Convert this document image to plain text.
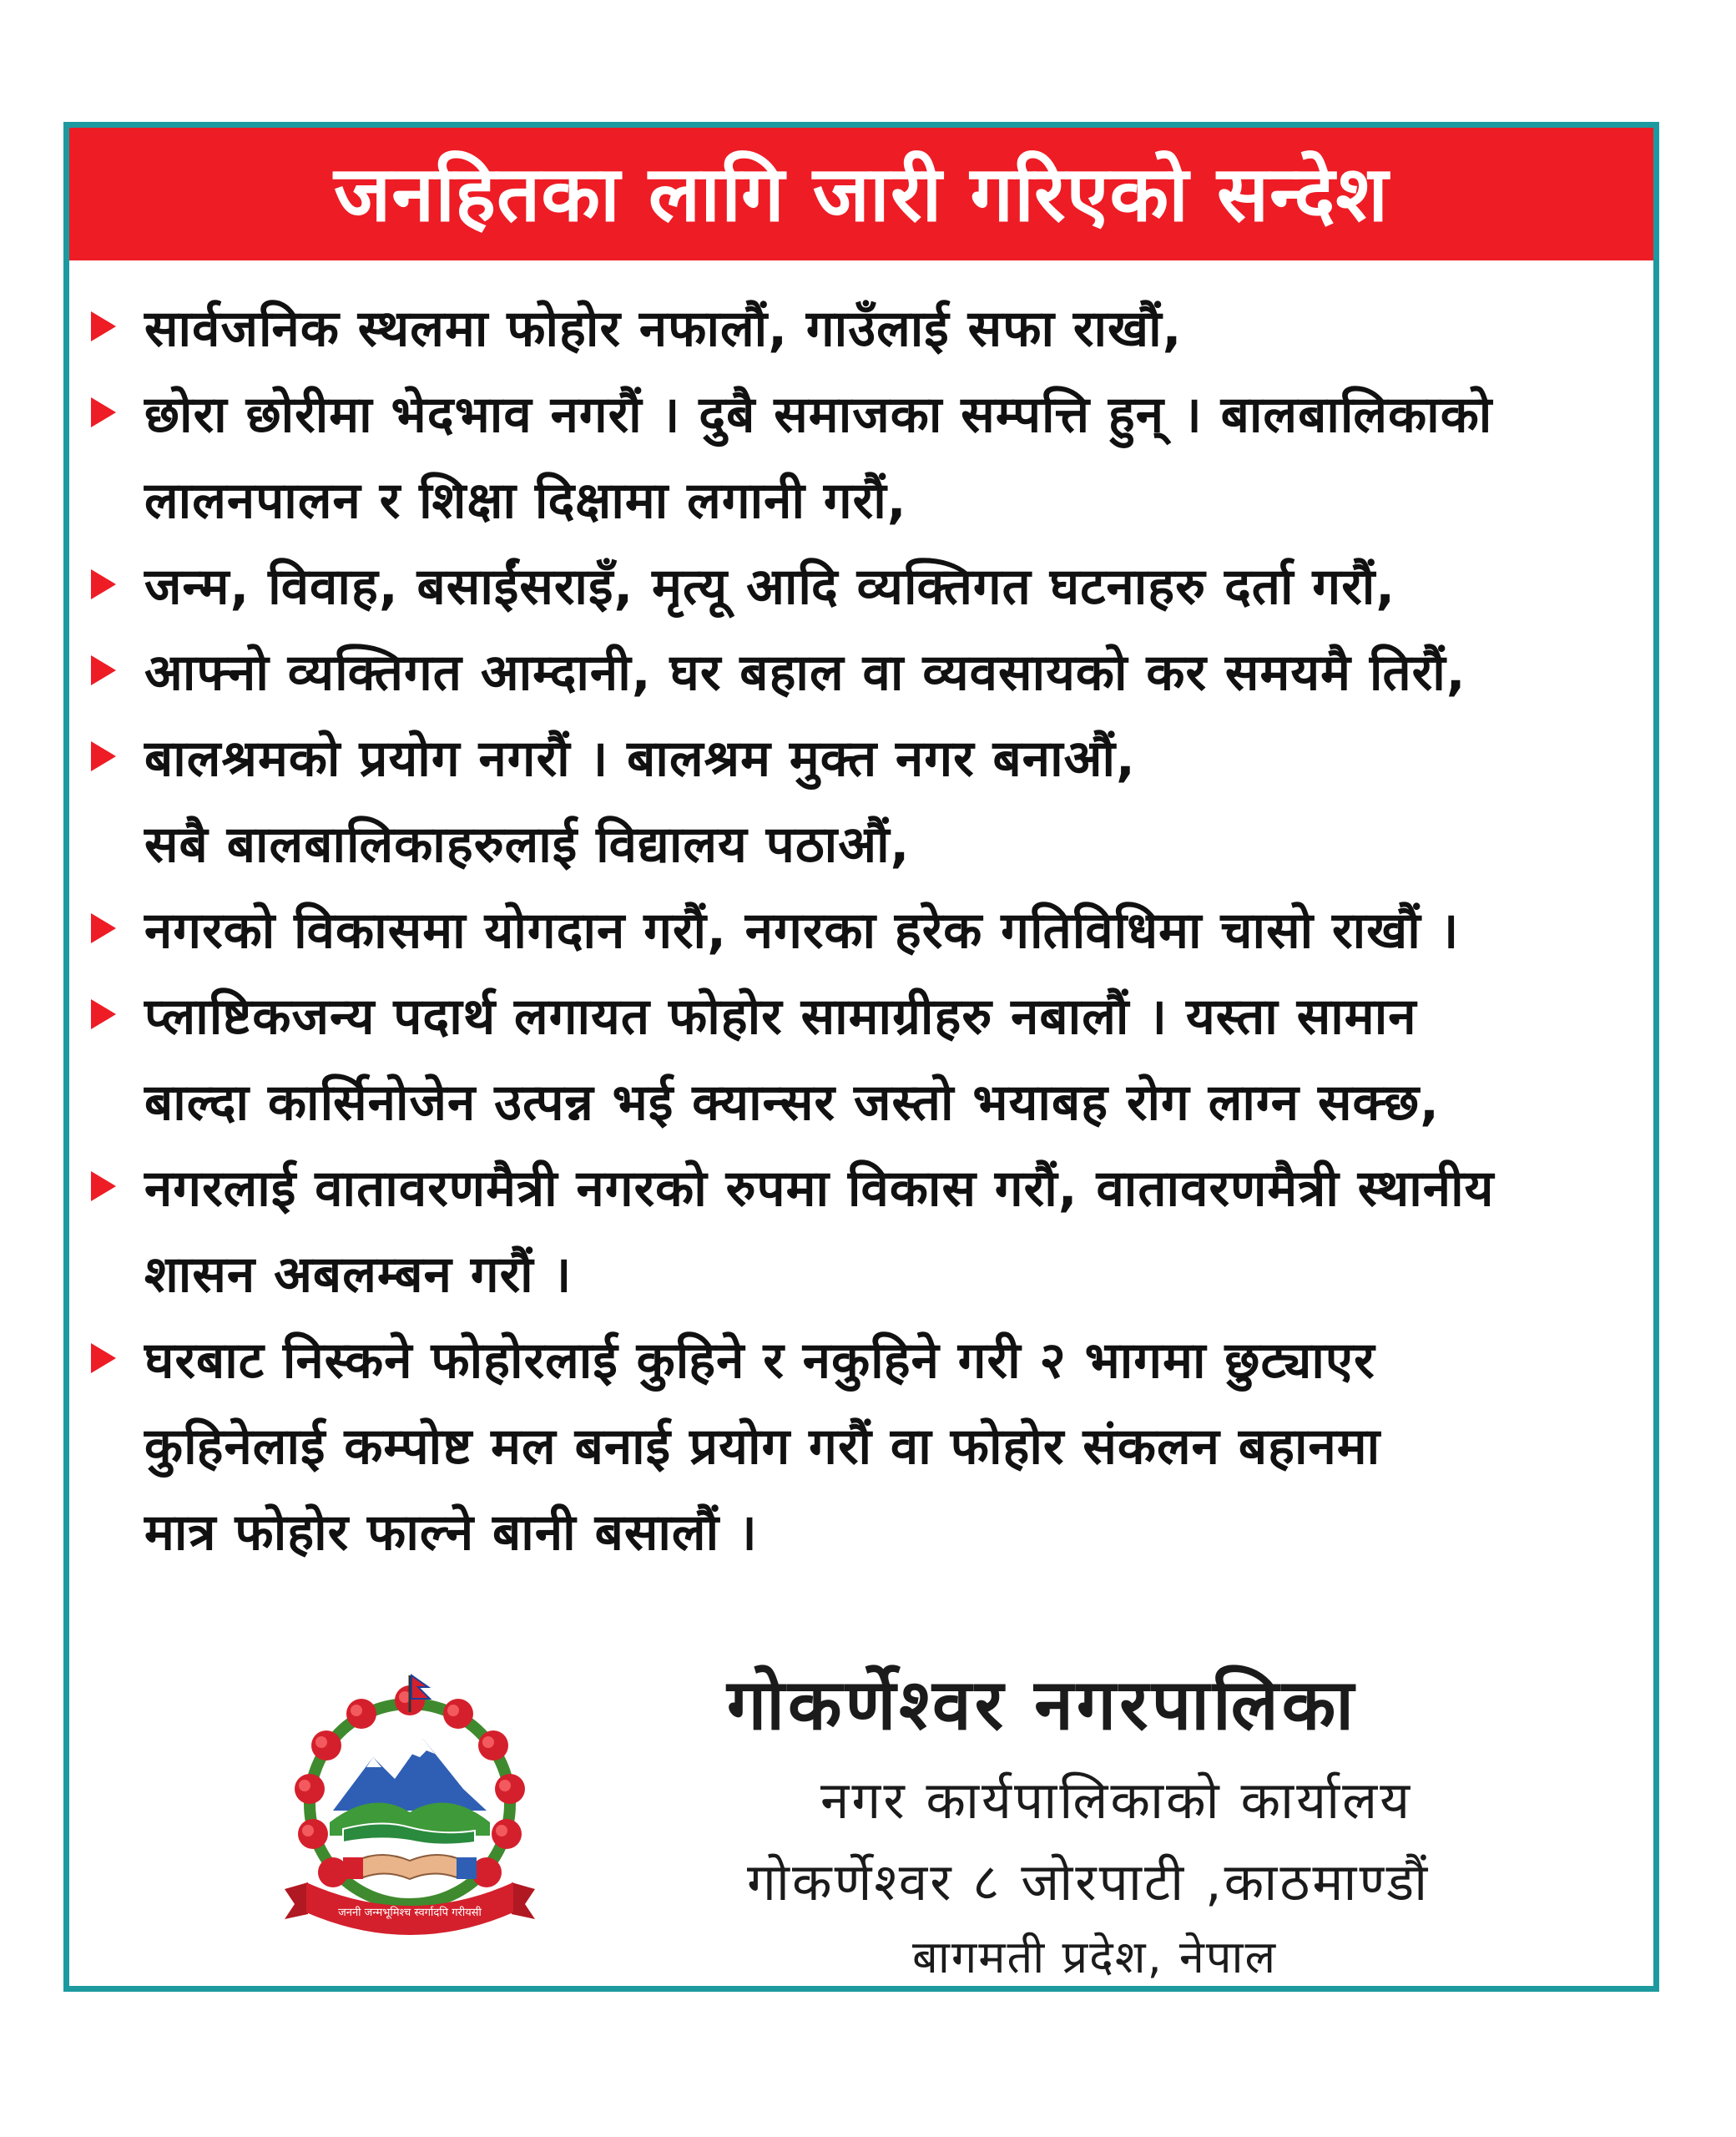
जनहितका लागि जारी गरिएको सन्देश
सार्वजनिक स्थलमा फोहोर नफालौं, गाउँलाई सफा राखौं,
छोरा छोरीमा भेदभाव नगरौं । दुबै समाजका सम्पत्ति हुन् । बालबालिकाको
लालनपालन र शिक्षा दिक्षामा लगानी गरौं,
जन्म, विवाह, बसाईंसराइँ, मृत्यू आदि व्यक्तिगत घटनाहरु दर्ता गरौं,
आफ्नो व्यक्तिगत आम्दानी, घर बहाल वा व्यवसायको कर समयमै तिरौं,
बालश्रमको प्रयोग नगरौं । बालश्रम मुक्त नगर बनाऔं,
सबै बालबालिकाहरुलाई विद्यालय पठाऔं,
नगरको विकासमा योगदान गरौं, नगरका हरेक गतिविधिमा चासो राखौं ।
प्लाष्टिकजन्य पदार्थ लगायत फोहोर सामाग्रीहरु नबालौं । यस्ता सामान
बाल्दा कार्सिनोजेन उत्पन्न भई क्यान्सर जस्तो भयाबह रोग लाग्न सक्छ,
नगरलाई वातावरणमैत्री नगरको रुपमा विकास गरौं, वातावरणमैत्री स्थानीय
शासन अबलम्बन गरौं ।
घरबाट निस्कने फोहोरलाई कुहिने र नकुहिने गरी २ भागमा छुट्याएर
कुहिनेलाई कम्पोष्ट मल बनाई प्रयोग गरौं वा फोहोर संकलन बहानमा
मात्र फोहोर फाल्ने बानी बसालौं ।
जननी जन्मभूमिश्च स्वर्गादपि गरीयसी
गोकर्णेश्वर नगरपालिका
नगर कार्यपालिकाको कार्यालय
गोकर्णेश्वर ८ जोरपाटी ,काठमाण्डौं
बागमती प्रदेश, नेपाल
